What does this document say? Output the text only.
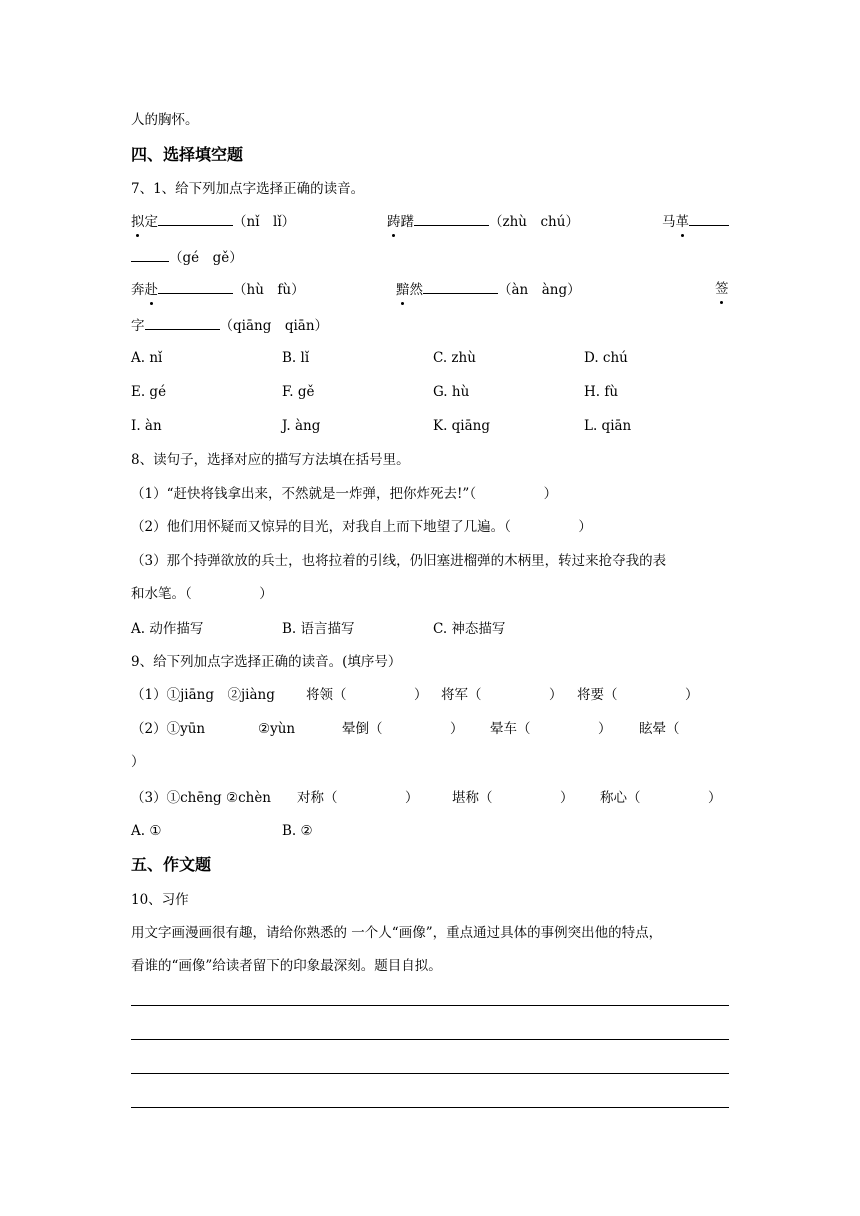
人的胸怀。
四、选择填空题
7、1、给下列加点字选择正确的读音。
拟定	（nǐ　lǐ）	踌躇	（zhù　chú）	马革
（gé　gě）
奔赴	（hù　fù）	黯然	（àn　àng）	签
字	（qiāng　qiān）
A. nǐ	B. lǐ	C. zhù	D. chú
E. gé	F. gě	G. hù	H. fù
I. àn	J. àng	K. qiāng	L. qiān
8、读句子，选择对应的描写方法填在括号里。
（1）“赶快将钱拿出来，不然就是一炸弹，把你炸死去!”（　　　　　）
（2）他们用怀疑而又惊异的目光，对我自上而下地望了几遍。（　　　　　）
（3）那个持弹欲放的兵士，也将拉着的引线，仍旧塞进榴弹的木柄里，转过来抢夺我的表
和水笔。（　　　　　）
A. 动作描写	B. 语言描写	C. 神态描写
9、给下列加点字选择正确的读音。(填序号）
（1）①jiāng　②jiàng 将领（　　　　　） 将军（　　　　　） 将要（　　　　　）
（2）①yūn	②yùn	晕倒（　　　　　） 晕车（　　　　　） 眩晕（
）
（3）①chēng ②chèn 对称（　　　　　） 堪称（　　　　　） 称心（　　　　　）
A. ①	B. ②
五、作文题
10、习作
用文字画漫画很有趣，请给你熟悉的 一个人“画像”，重点通过具体的事例突出他的特点，
看谁的“画像”给读者留下的印象最深刻。题目自拟。
